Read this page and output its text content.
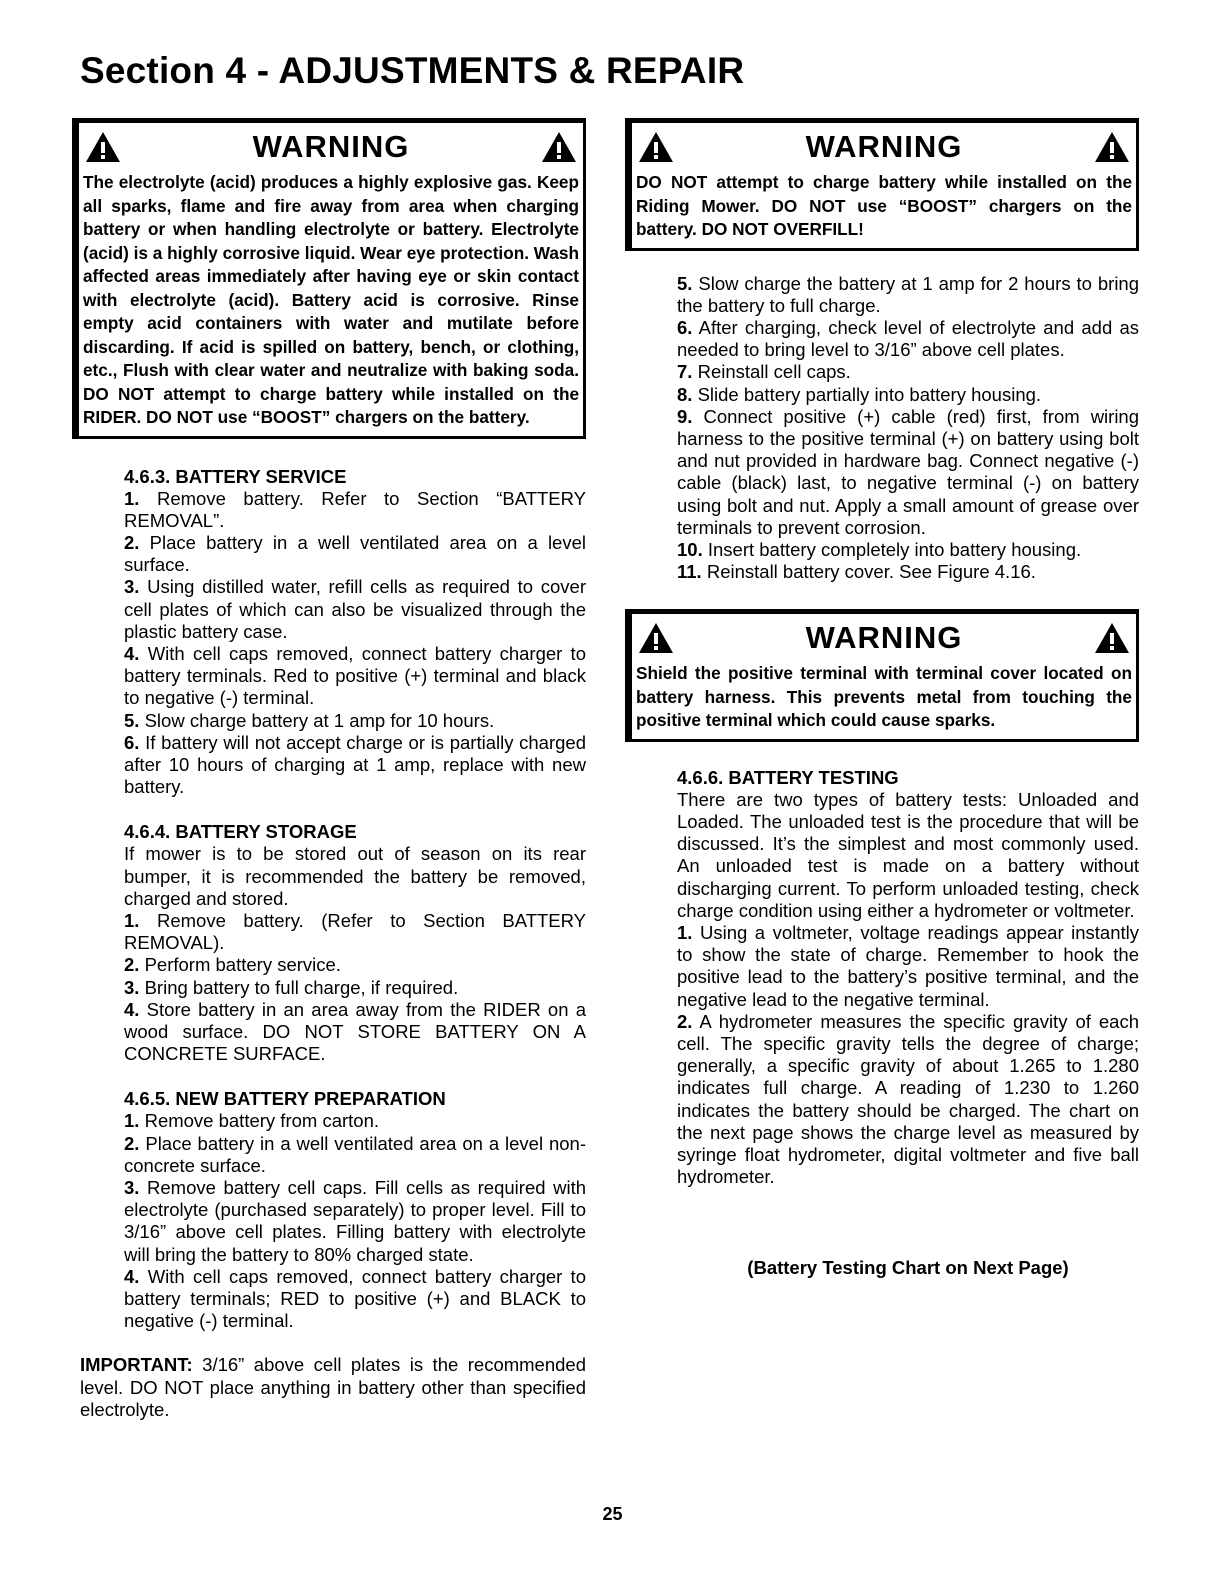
Section 4 - ADJUSTMENTS & REPAIR
WARNING
The electrolyte (acid) produces a highly explosive gas. Keep all sparks, flame and fire away from area when charging battery or when handling electrolyte or battery. Electrolyte (acid) is a highly corrosive liquid. Wear eye protection. Wash affected areas immediately after having eye or skin contact with electrolyte (acid). Battery acid is corrosive. Rinse empty acid containers with water and mutilate before discarding. If acid is spilled on battery, bench, or clothing, etc., Flush with clear water and neutralize with baking soda. DO NOT attempt to charge battery while installed on the RIDER. DO NOT use “BOOST” chargers on the battery.
4.6.3. BATTERY SERVICE
1. Remove battery. Refer to Section “BATTERY REMOVAL”.
2. Place battery in a well ventilated area on a level surface.
3. Using distilled water, refill cells as required to cover cell plates of which can also be visualized through the plastic battery case.
4. With cell caps removed, connect battery charger to battery terminals. Red to positive (+) terminal and black to negative (-) terminal.
5. Slow charge battery at 1 amp for 10 hours.
6. If battery will not accept charge or is partially charged after 10 hours of charging at 1 amp, replace with new battery.
4.6.4. BATTERY STORAGE
If mower is to be stored out of season on its rear bumper, it is recommended the battery be removed, charged and stored.
1. Remove battery. (Refer to Section BATTERY REMOVAL).
2. Perform battery service.
3. Bring battery to full charge, if required.
4. Store battery in an area away from the RIDER on a wood surface. DO NOT STORE BATTERY ON A CONCRETE SURFACE.
4.6.5. NEW BATTERY PREPARATION
1. Remove battery from carton.
2. Place battery in a well ventilated area on a level non-concrete surface.
3. Remove battery cell caps. Fill cells as required with electrolyte (purchased separately) to proper level. Fill to 3/16” above cell plates. Filling battery with electrolyte will bring the battery to 80% charged state.
4. With cell caps removed, connect battery charger to battery terminals; RED to positive (+) and BLACK to negative (-) terminal.
IMPORTANT: 3/16” above cell plates is the recommended level. DO NOT place anything in battery other than specified electrolyte.
WARNING
DO NOT attempt to charge battery while installed on the Riding Mower. DO NOT use “BOOST” chargers on the battery. DO NOT OVERFILL!
5. Slow charge the battery at 1 amp for 2 hours to bring the battery to full charge.
6. After charging, check level of electrolyte and add as needed to bring level to 3/16” above cell plates.
7. Reinstall cell caps.
8. Slide battery partially into battery housing.
9. Connect positive (+) cable (red) first, from wiring harness to the positive terminal (+) on battery using bolt and nut provided in hardware bag. Connect negative (-) cable (black) last, to negative terminal (-) on battery using bolt and nut. Apply a small amount of grease over terminals to prevent corrosion.
10. Insert battery completely into battery housing.
11. Reinstall battery cover. See Figure 4.16.
WARNING
Shield the positive terminal with terminal cover located on battery harness. This prevents metal from touching the positive terminal which could cause sparks.
4.6.6. BATTERY TESTING
There are two types of battery tests: Unloaded and Loaded. The unloaded test is the procedure that will be discussed. It’s the simplest and most commonly used. An unloaded test is made on a battery without discharging current. To perform unloaded testing, check charge condition using either a hydrometer or voltmeter.
1. Using a voltmeter, voltage readings appear instantly to show the state of charge. Remember to hook the positive lead to the battery’s positive terminal, and the negative lead to the negative terminal.
2. A hydrometer measures the specific gravity of each cell. The specific gravity tells the degree of charge; generally, a specific gravity of about 1.265 to 1.280 indicates full charge. A reading of 1.230 to 1.260 indicates the battery should be charged. The chart on the next page shows the charge level as measured by syringe float hydrometer, digital voltmeter and five ball hydrometer.
(Battery Testing Chart on Next Page)
25
